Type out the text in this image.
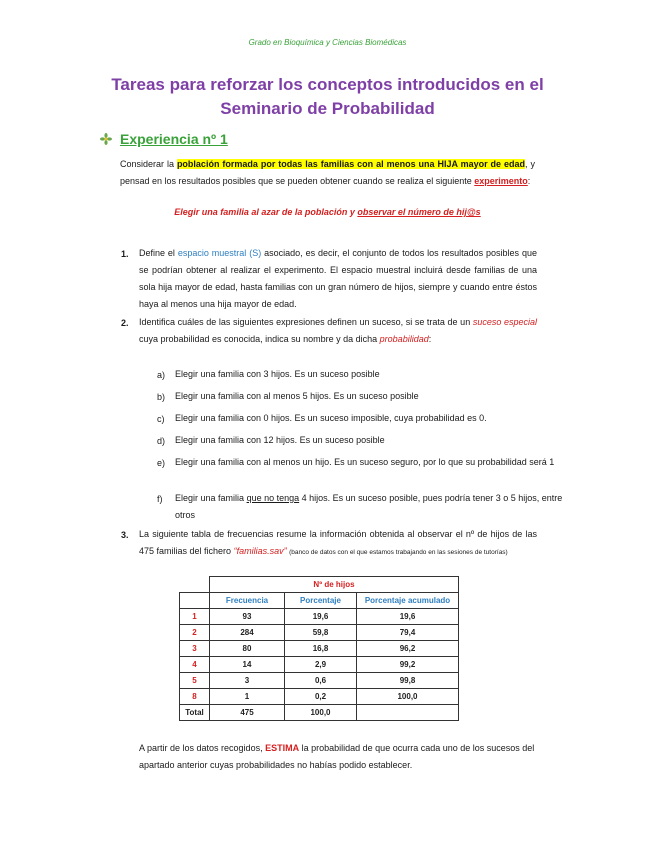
Grado en Bioquímica y Ciencias Biomédicas
Tareas para reforzar los conceptos introducidos en el
Seminario de Probabilidad
Experiencia nº 1
Considerar la población formada por todas las familias con al menos una HIJA mayor de edad, y pensad en los resultados posibles que se pueden obtener cuando se realiza el siguiente experimento:
Elegir una familia al azar de la población y observar el número de hij@s
1. Define el espacio muestral (S) asociado, es decir, el conjunto de todos los resultados posibles que se podrían obtener al realizar el experimento. El espacio muestral incluirá desde familias de una sola hija mayor de edad, hasta familias con un gran número de hijos, siempre y cuando entre éstos haya al menos una hija mayor de edad.
2. Identifica cuáles de las siguientes expresiones definen un suceso, si se trata de un suceso especial cuya probabilidad es conocida, indica su nombre y da dicha probabilidad:
a) Elegir una familia con 3 hijos. Es un suceso posible
b) Elegir una familia con al menos 5 hijos. Es un suceso posible
c) Elegir una familia con 0 hijos. Es un suceso imposible, cuya probabilidad es 0.
d) Elegir una familia con 12 hijos. Es un suceso posible
e) Elegir una familia con al menos un hijo. Es un suceso seguro, por lo que su probabilidad será 1
f) Elegir una familia que no tenga 4 hijos. Es un suceso posible, pues podría tener 3 o 5 hijos, entre otros
3. La siguiente tabla de frecuencias resume la información obtenida al observar el nº de hijos de las 475 familias del fichero “familias.sav” (banco de datos con el que estamos trabajando en las sesiones de tutorías)
	Nº de hijos		
	Frecuencia	Porcentaje	Porcentaje acumulado
1	93	19,6	19,6
2	284	59,8	79,4
3	80	16,8	96,2
4	14	2,9	99,2
5	3	0,6	99,8
8	1	0,2	100,0
Total	475	100,0	
A partir de los datos recogidos, ESTIMA la probabilidad de que ocurra cada uno de los sucesos del apartado anterior cuyas probabilidades no habías podido establecer.
